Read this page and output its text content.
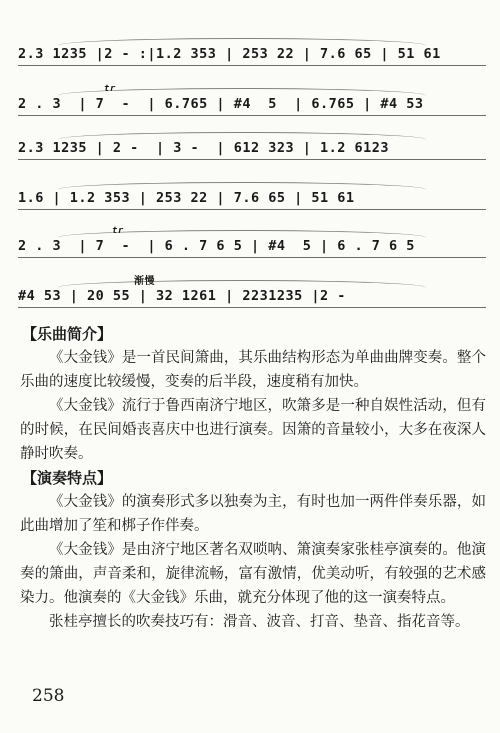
2.3 1235 |2 - :|1.2 353 | 253 22 | 7.6 65 | 51 61

tr

2 . 3  | 7  -  | 6.765 | #4  5  | 6.765 | #4 53

2.3 1235 | 2 -  | 3 -  | 612 323 | 1.2 6123

1.6 | 1.2 353 | 253 22 | 7.6 65 | 51 61

tr

2 . 3  | 7  -  | 6 . 7 6 5 | #4  5 | 6 . 7 6 5

渐慢

#4 53 | 20 55 | 32 1261 | 2231235 |2 -

【乐曲简介】

《大金钱》是一首民间箫曲，其乐曲结构形态为单曲曲牌变奏。整个乐曲的速度比较缓慢，变奏的后半段，速度稍有加快。

《大金钱》流行于鲁西南济宁地区，吹箫多是一种自娱性活动，但有的时候，在民间婚丧喜庆中也进行演奏。因箫的音量较小，大多在夜深人静时吹奏。

【演奏特点】

《大金钱》的演奏形式多以独奏为主，有时也加一两件伴奏乐器，如此曲增加了笙和梆子作伴奏。

《大金钱》是由济宁地区著名双唢呐、箫演奏家张桂亭演奏的。他演奏的箫曲，声音柔和，旋律流畅，富有激情，优美动听，有较强的艺术感染力。他演奏的《大金钱》乐曲，就充分体现了他的这一演奏特点。

张桂亭擅长的吹奏技巧有：滑音、波音、打音、垫音、指花音等。

258
